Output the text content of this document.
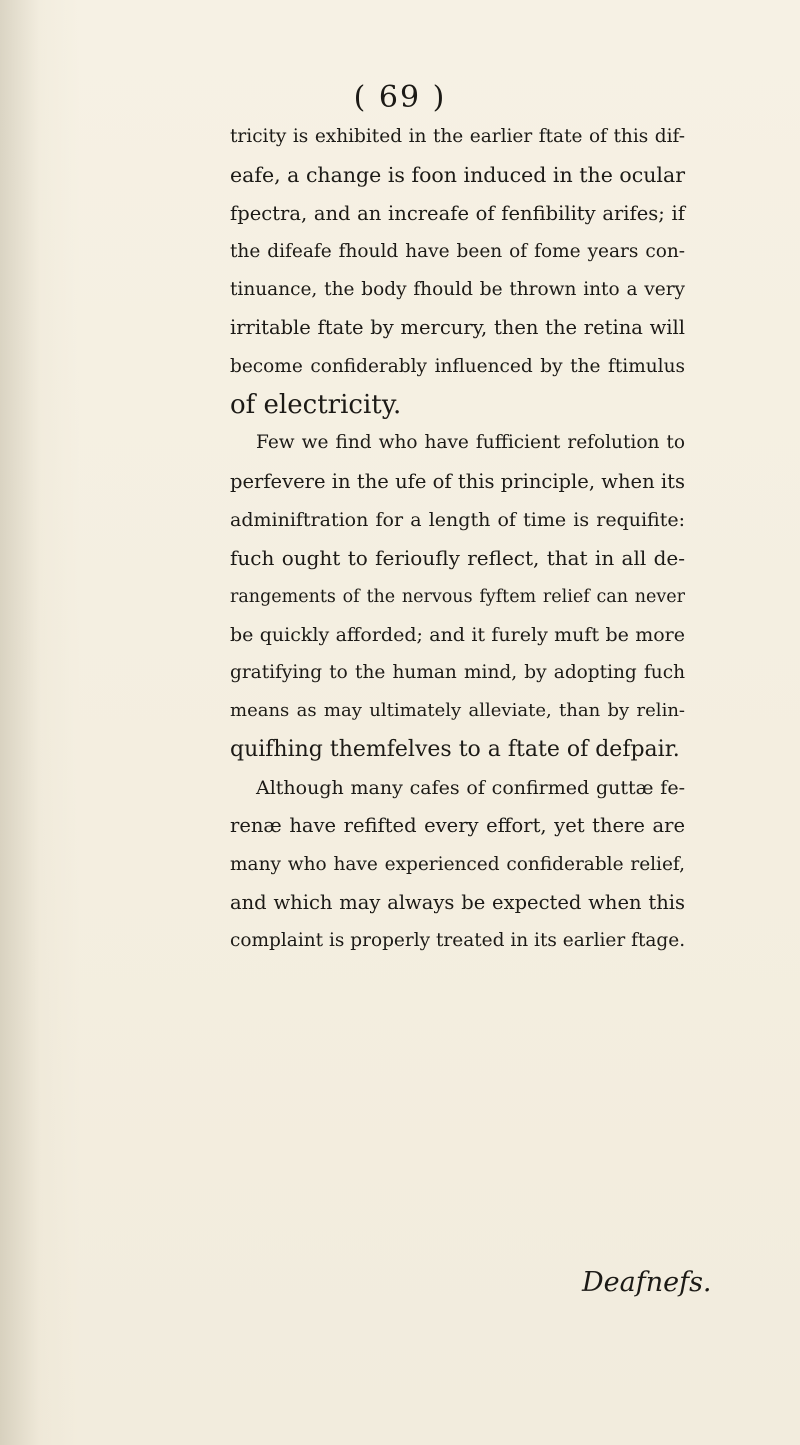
( 69 )
tricity is exhibited in the earlier ftate of this dif-
eafe, a change is foon induced in the ocular
fpectra, and an increafe of fenfibility arifes; if
the difeafe fhould have been of fome years con-
tinuance, the body fhould be thrown into a very
irritable ftate by mercury, then the retina will
become confiderably influenced by the ftimulus
of electricity.
Few we find who have fufficient refolution to
perfevere in the ufe of this principle, when its
adminiftration for a length of time is requifite:
fuch ought to ferioufly reflect, that in all de-
rangements of the nervous fyftem relief can never
be quickly afforded; and it furely muft be more
gratifying to the human mind, by adopting fuch
means as may ultimately alleviate, than by relin-
quifhing themfelves to a ftate of defpair.
Although many cafes of confirmed guttæ fe-
renæ have refifted every effort, yet there are
many who have experienced confiderable relief,
and which may always be expected when this
complaint is properly treated in its earlier ftage.
Deafnefs.
